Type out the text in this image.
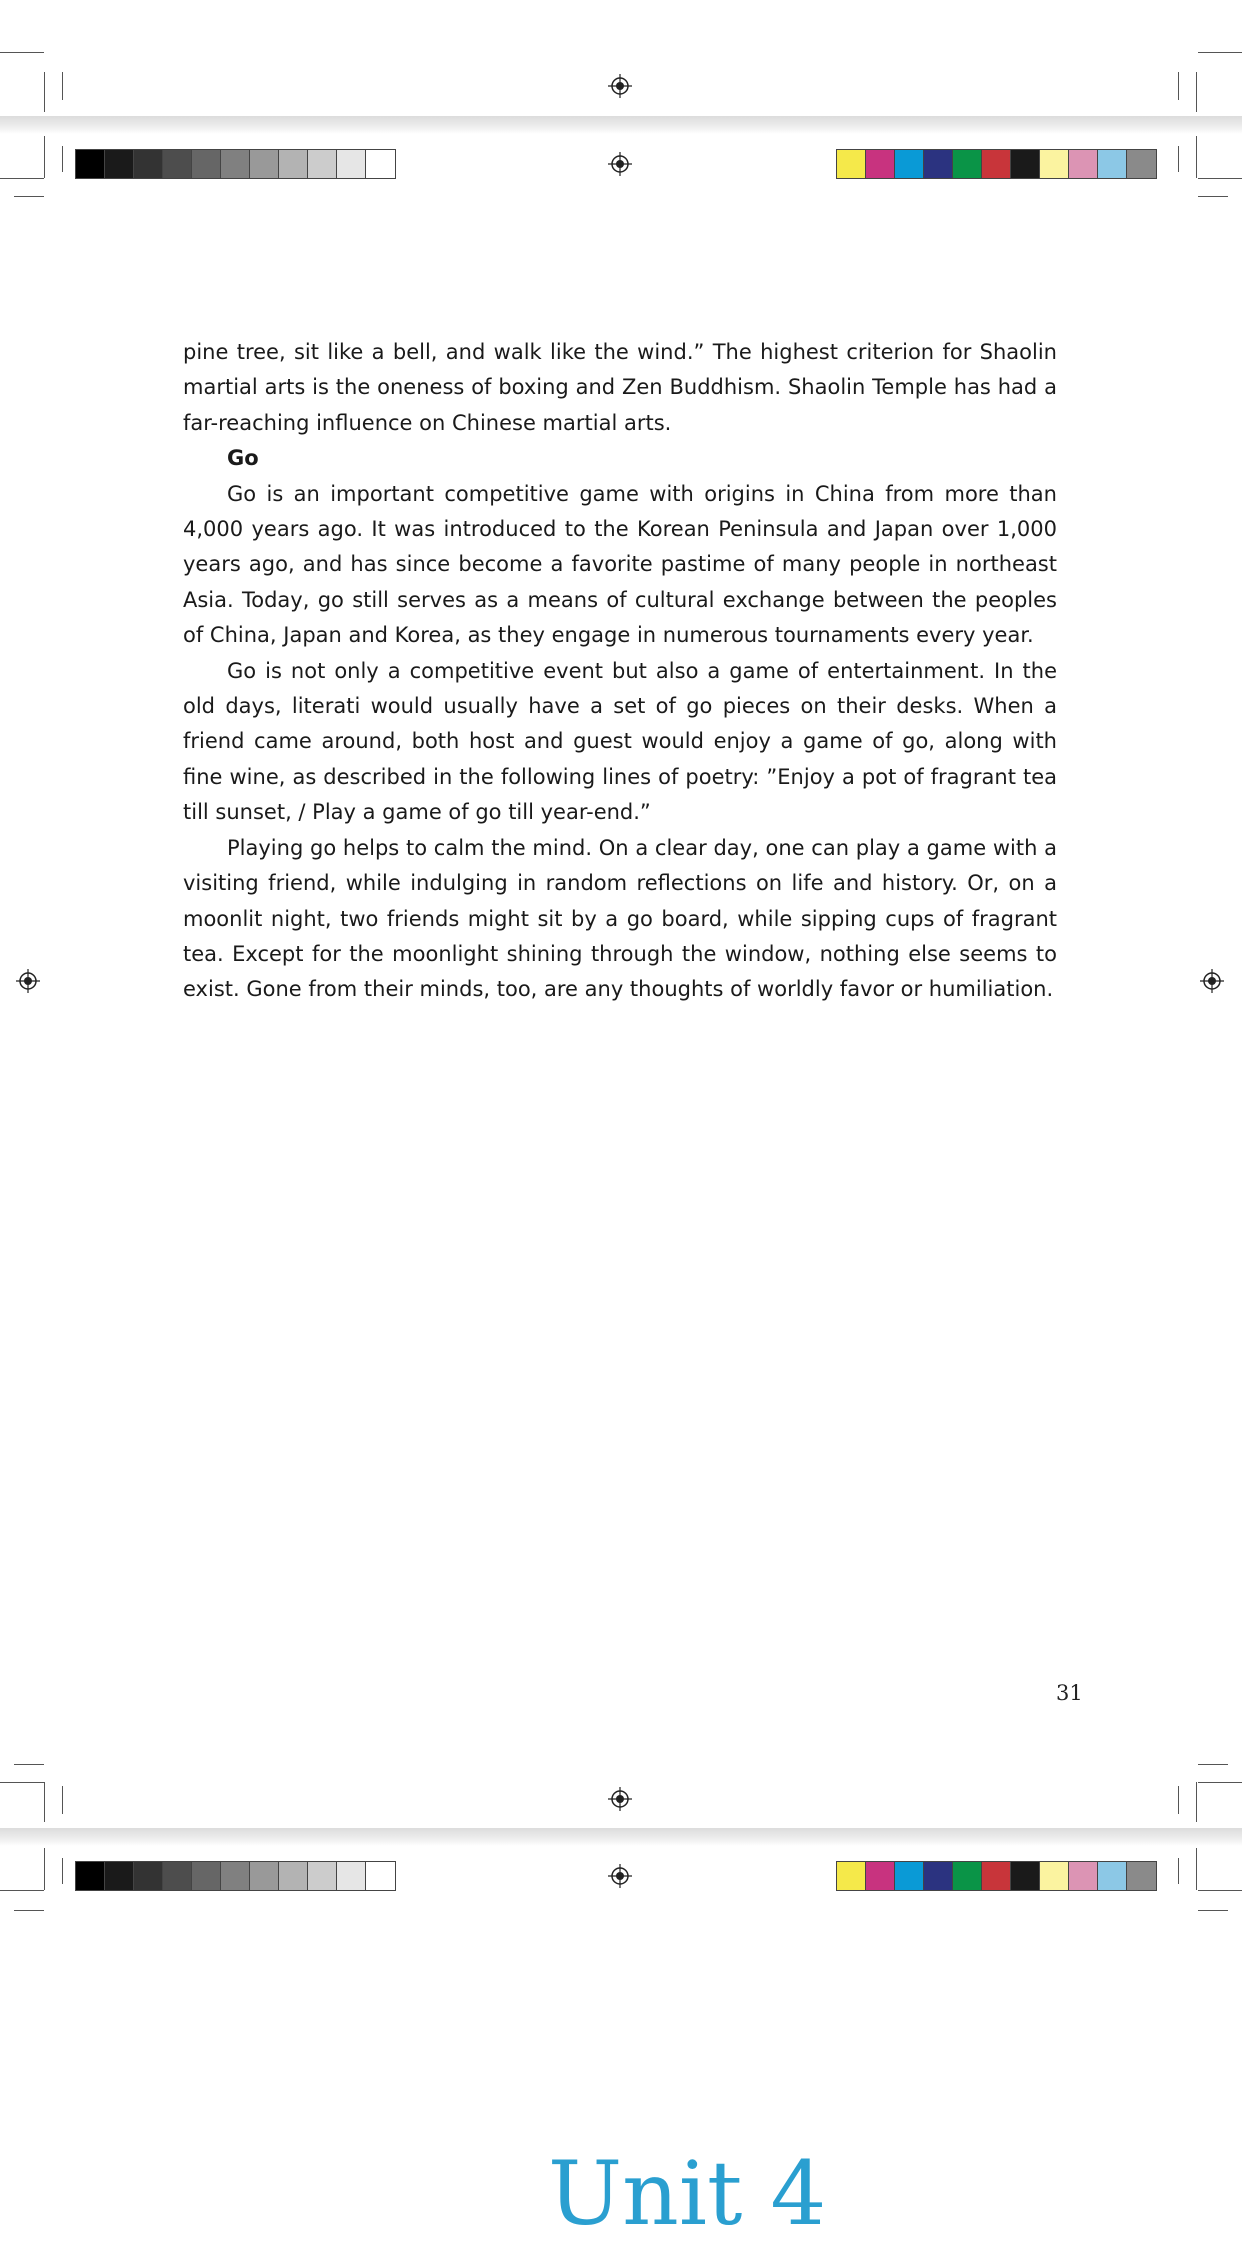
pine tree, sit like a bell, and walk like the wind.” The highest criterion for Shaolin martial arts is the oneness of boxing and Zen Buddhism. Shaolin Temple has had a far-reaching influence on Chinese martial arts.

Go

Go is an important competitive game with origins in China from more than 4,000 years ago. It was introduced to the Korean Peninsula and Japan over 1,000 years ago, and has since become a favorite pastime of many people in northeast Asia. Today, go still serves as a means of cultural exchange between the peoples of China, Japan and Korea, as they engage in numerous tournaments every year.

Go is not only a competitive event but also a game of entertainment. In the old days, literati would usually have a set of go pieces on their desks. When a friend came around, both host and guest would enjoy a game of go, along with fine wine, as described in the following lines of poetry: ”Enjoy a pot of fragrant tea till sunset, / Play a game of go till year-end.”

Playing go helps to calm the mind. On a clear day, one can play a game with a visiting friend, while indulging in random reflections on life and history. Or, on a moonlit night, two friends might sit by a go board, while sipping cups of fragrant tea. Except for the moonlight shining through the window, nothing else seems to exist. Gone from their minds, too, are any thoughts of worldly favor or humiliation.

31
Unit 4
